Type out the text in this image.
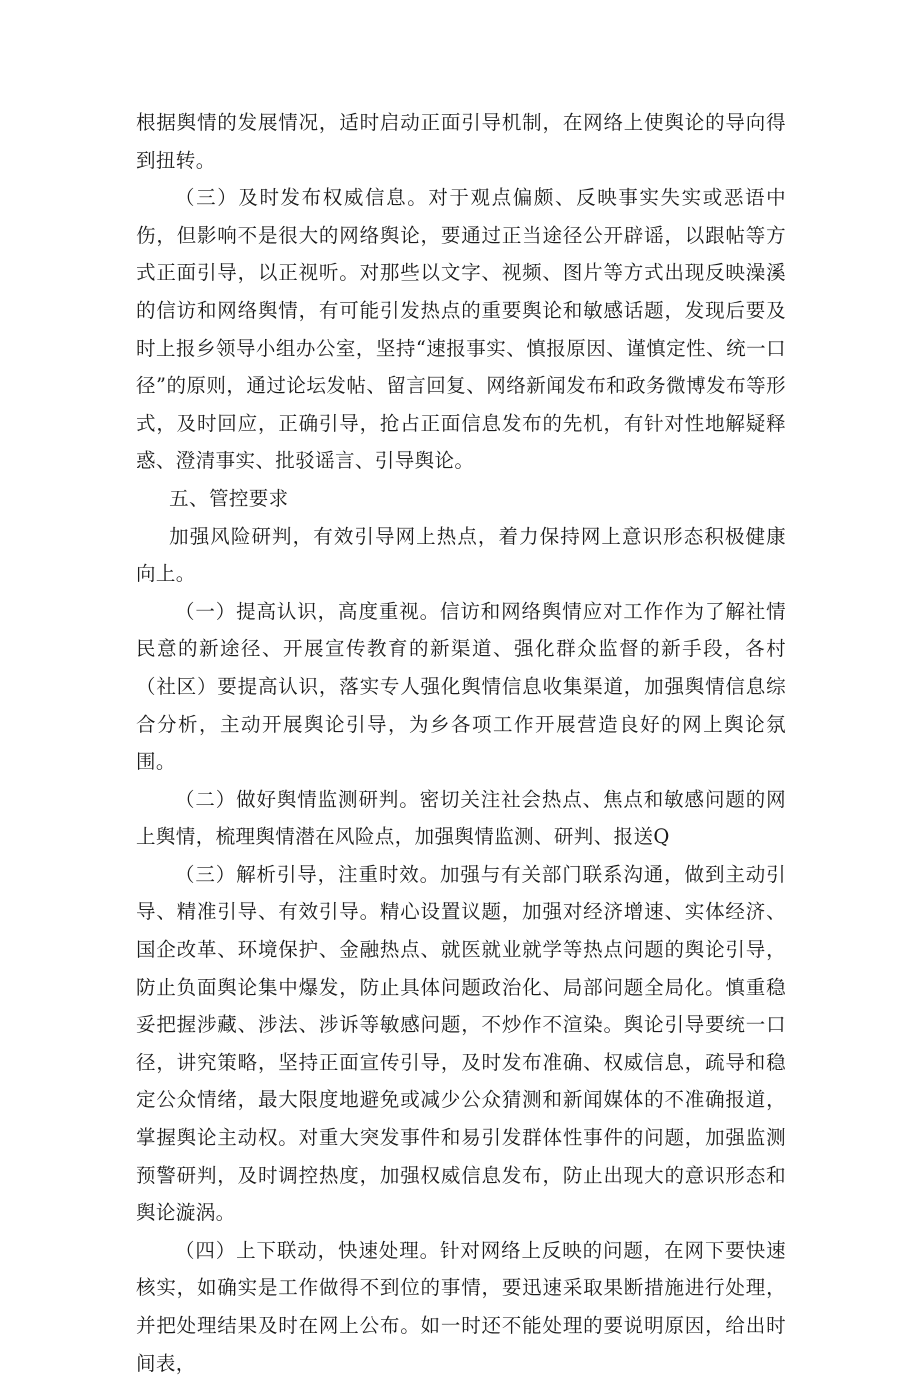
根据舆情的发展情况，适时启动正面引导机制，在网络上使舆论的导向得到扭转。

（三）及时发布权威信息。对于观点偏颇、反映事实失实或恶语中伤，但影响不是很大的网络舆论，要通过正当途径公开辟谣，以跟帖等方式正面引导，以正视听。对那些以文字、视频、图片等方式出现反映澡溪的信访和网络舆情，有可能引发热点的重要舆论和敏感话题，发现后要及时上报乡领导小组办公室，坚持“速报事实、慎报原因、谨慎定性、统一口径”的原则，通过论坛发帖、留言回复、网络新闻发布和政务微博发布等形式，及时回应，正确引导，抢占正面信息发布的先机，有针对性地解疑释惑、澄清事实、批驳谣言、引导舆论。

五、管控要求

加强风险研判，有效引导网上热点，着力保持网上意识形态积极健康向上。

（一）提高认识，高度重视。信访和网络舆情应对工作作为了解社情民意的新途径、开展宣传教育的新渠道、强化群众监督的新手段，各村（社区）要提高认识，落实专人强化舆情信息收集渠道，加强舆情信息综合分析，主动开展舆论引导，为乡各项工作开展营造良好的网上舆论氛围。

（二）做好舆情监测研判。密切关注社会热点、焦点和敏感问题的网上舆情，梳理舆情潜在风险点，加强舆情监测、研判、报送Q

（三）解析引导，注重时效。加强与有关部门联系沟通，做到主动引导、精准引导、有效引导。精心设置议题，加强对经济增速、实体经济、国企改革、环境保护、金融热点、就医就业就学等热点问题的舆论引导，防止负面舆论集中爆发，防止具体问题政治化、局部问题全局化。慎重稳妥把握涉藏、涉法、涉诉等敏感问题，不炒作不渲染。舆论引导要统一口径，讲究策略，坚持正面宣传引导，及时发布准确、权威信息，疏导和稳定公众情绪，最大限度地避免或减少公众猜测和新闻媒体的不准确报道，掌握舆论主动权。对重大突发事件和易引发群体性事件的问题，加强监测预警研判，及时调控热度，加强权威信息发布，防止出现大的意识形态和舆论漩涡。

（四）上下联动，快速处理。针对网络上反映的问题，在网下要快速核实，如确实是工作做得不到位的事情，要迅速采取果断措施进行处理，并把处理结果及时在网上公布。如一时还不能处理的要说明原因，给出时间表，
